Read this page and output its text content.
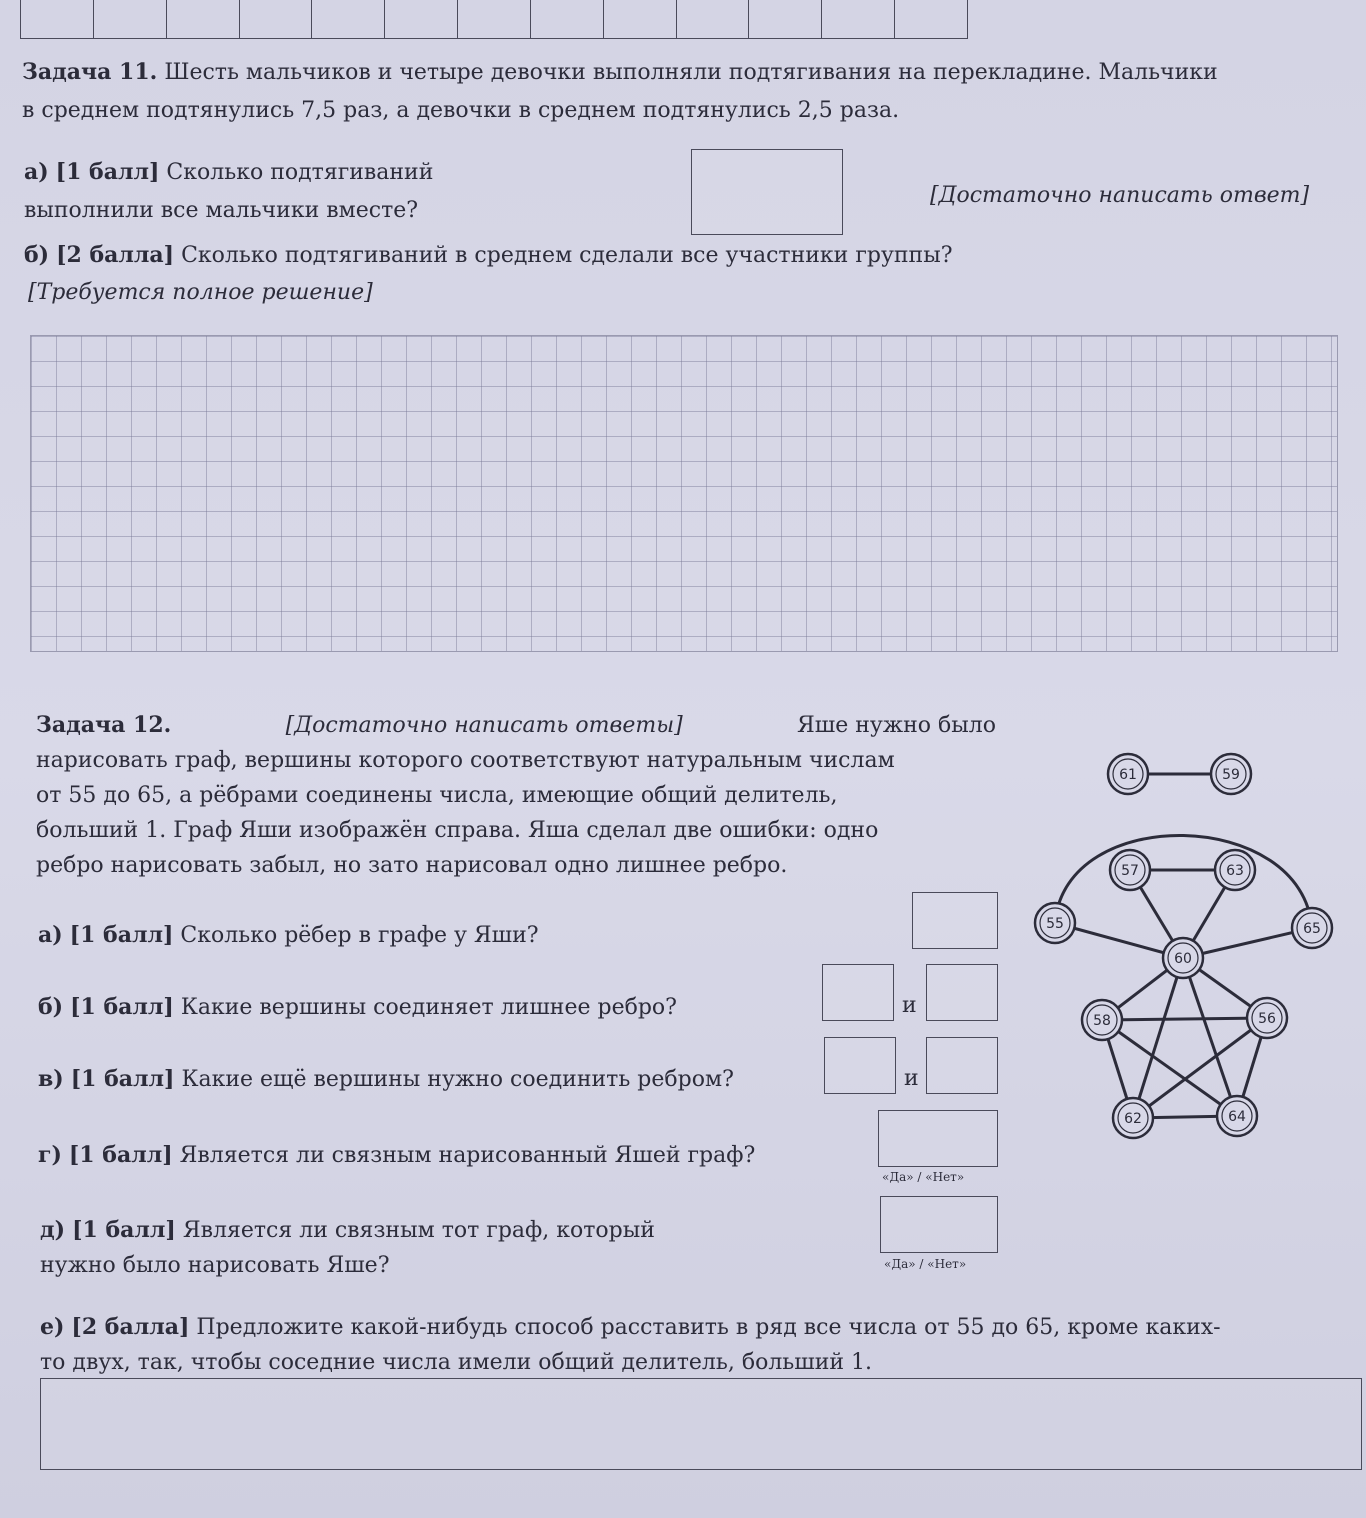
Задача 11. Шесть мальчиков и четыре девочки выполняли подтягивания на перекладине. Мальчики
в среднем подтянулись 7,5 раз, а девочки в среднем подтянулись 2,5 раза.
а) [1 балл] Сколько подтягиваний
выполнили все мальчики вместе?
[Достаточно написать ответ]
б) [2 балла] Сколько подтягиваний в среднем сделали все участники группы?
[Требуется полное решение]
Задача 12.	[Достаточно написать ответы]	Яше нужно было
нарисовать граф, вершины которого соответствуют натуральным числам
от 55 до 65, а рёбрами соединены числа, имеющие общий делитель,
больший 1. Граф Яши изображён справа. Яша сделал две ошибки: одно
ребро нарисовать забыл, но зато нарисовал одно лишнее ребро.
а) [1 балл] Сколько рёбер в графе у Яши?
б) [1 балл] Какие вершины соединяет лишнее ребро?	и
в) [1 балл] Какие ещё вершины нужно соединить ребром?	и
г) [1 балл] Является ли связным нарисованный Яшей граф?
«Да» / «Нет»
д) [1 балл] Является ли связным тот граф, который
нужно было нарисовать Яше?	«Да» / «Нет»
е) [2 балла] Предложите какой-нибудь способ расставить в ряд все числа от 55 до 65, кроме каких-
то двух, так, чтобы соседние числа имели общий делитель, больший 1.
61	59
57	63
55	65
60
58	56
62	64
